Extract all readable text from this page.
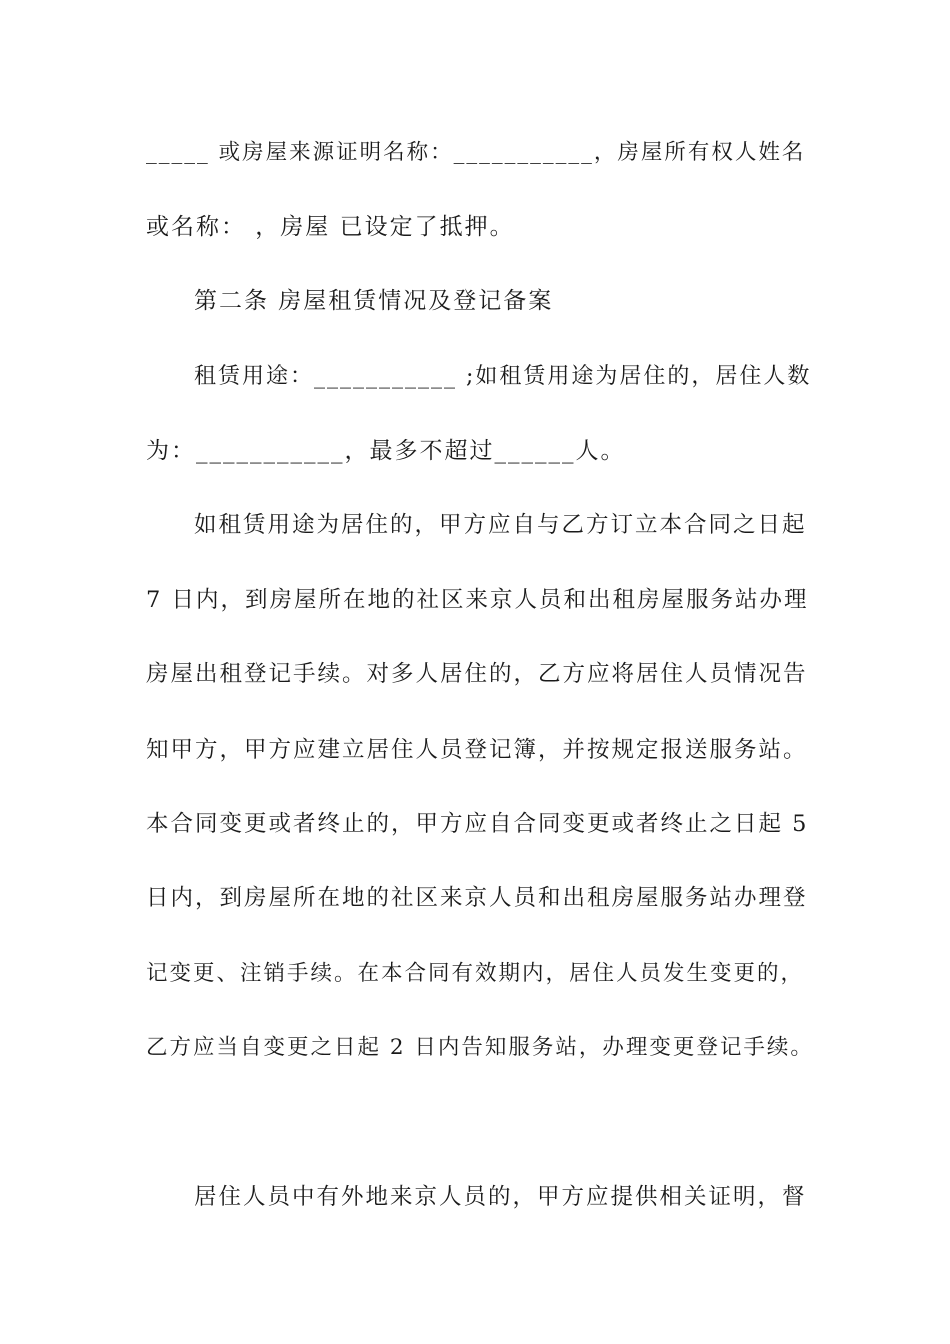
_____ 或房屋来源证明名称：___________，房屋所有权人姓名
或名称： ，房屋 已设定了抵押。
第二条 房屋租赁情况及登记备案
租赁用途：___________ ;如租赁用途为居住的，居住人数
为：___________，最多不超过______人。
如租赁用途为居住的，甲方应自与乙方订立本合同之日起
7 日内，到房屋所在地的社区来京人员和出租房屋服务站办理
房屋出租登记手续。对多人居住的，乙方应将居住人员情况告
知甲方，甲方应建立居住人员登记簿，并按规定报送服务站。
本合同变更或者终止的，甲方应自合同变更或者终止之日起 5
日内，到房屋所在地的社区来京人员和出租房屋服务站办理登
记变更、注销手续。在本合同有效期内，居住人员发生变更的，
乙方应当自变更之日起 2 日内告知服务站，办理变更登记手续。
居住人员中有外地来京人员的，甲方应提供相关证明，督
